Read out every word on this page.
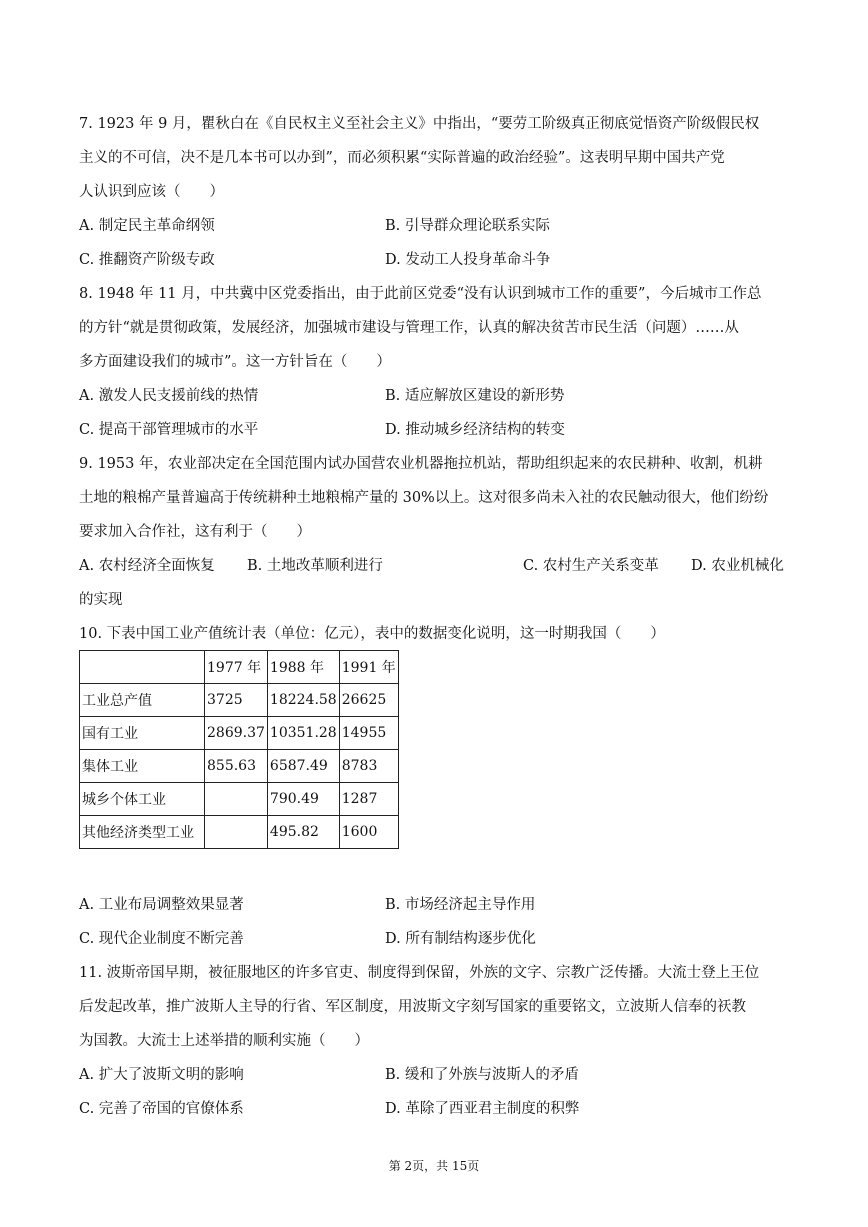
7. 1923 年 9 月，瞿秋白在《自民权主义至社会主义》中指出，“要劳工阶级真正彻底觉悟资产阶级假民权
主义的不可信，决不是几本书可以办到”，而必须积累“实际普遍的政治经验”。这表明早期中国共产党
人认识到应该（　　）
A. 制定民主革命纲领	B. 引导群众理论联系实际
C. 推翻资产阶级专政	D. 发动工人投身革命斗争
8. 1948 年 11 月，中共冀中区党委指出，由于此前区党委“没有认识到城市工作的重要”，今后城市工作总
的方针“就是贯彻政策，发展经济，加强城市建设与管理工作，认真的解决贫苦市民生活（问题）……从
多方面建设我们的城市”。这一方针旨在（　　）
A. 激发人民支援前线的热情	B. 适应解放区建设的新形势
C. 提高干部管理城市的水平	D. 推动城乡经济结构的转变
9. 1953 年，农业部决定在全国范围内试办国营农业机器拖拉机站，帮助组织起来的农民耕种、收割，机耕
土地的粮棉产量普遍高于传统耕种土地粮棉产量的 30%以上。这对很多尚未入社的农民触动很大，他们纷纷
要求加入合作社，这有利于（　　）
A. 农村经济全面恢复 B. 土地改革顺利进行	C. 农村生产关系变革 D. 农业机械化
的实现
10. 下表中国工业产值统计表（单位：亿元），表中的数据变化说明，这一时期我国（　　）
	1977 年	1988 年	1991 年
工业总产值	3725	18224.58	26625
国有工业	2869.37	10351.28	14955
集体工业	855.63	6587.49	8783
城乡个体工业		790.49	1287
其他经济类型工业		495.82	1600
A. 工业布局调整效果显著	B. 市场经济起主导作用
C. 现代企业制度不断完善	D. 所有制结构逐步优化
11. 波斯帝国早期，被征服地区的许多官吏、制度得到保留，外族的文字、宗教广泛传播。大流士登上王位
后发起改革，推广波斯人主导的行省、军区制度，用波斯文字刻写国家的重要铭文，立波斯人信奉的祆教
为国教。大流士上述举措的顺利实施（　　）
A. 扩大了波斯文明的影响	B. 缓和了外族与波斯人的矛盾
C. 完善了帝国的官僚体系	D. 革除了西亚君主制度的积弊
第 2页，共 15页
